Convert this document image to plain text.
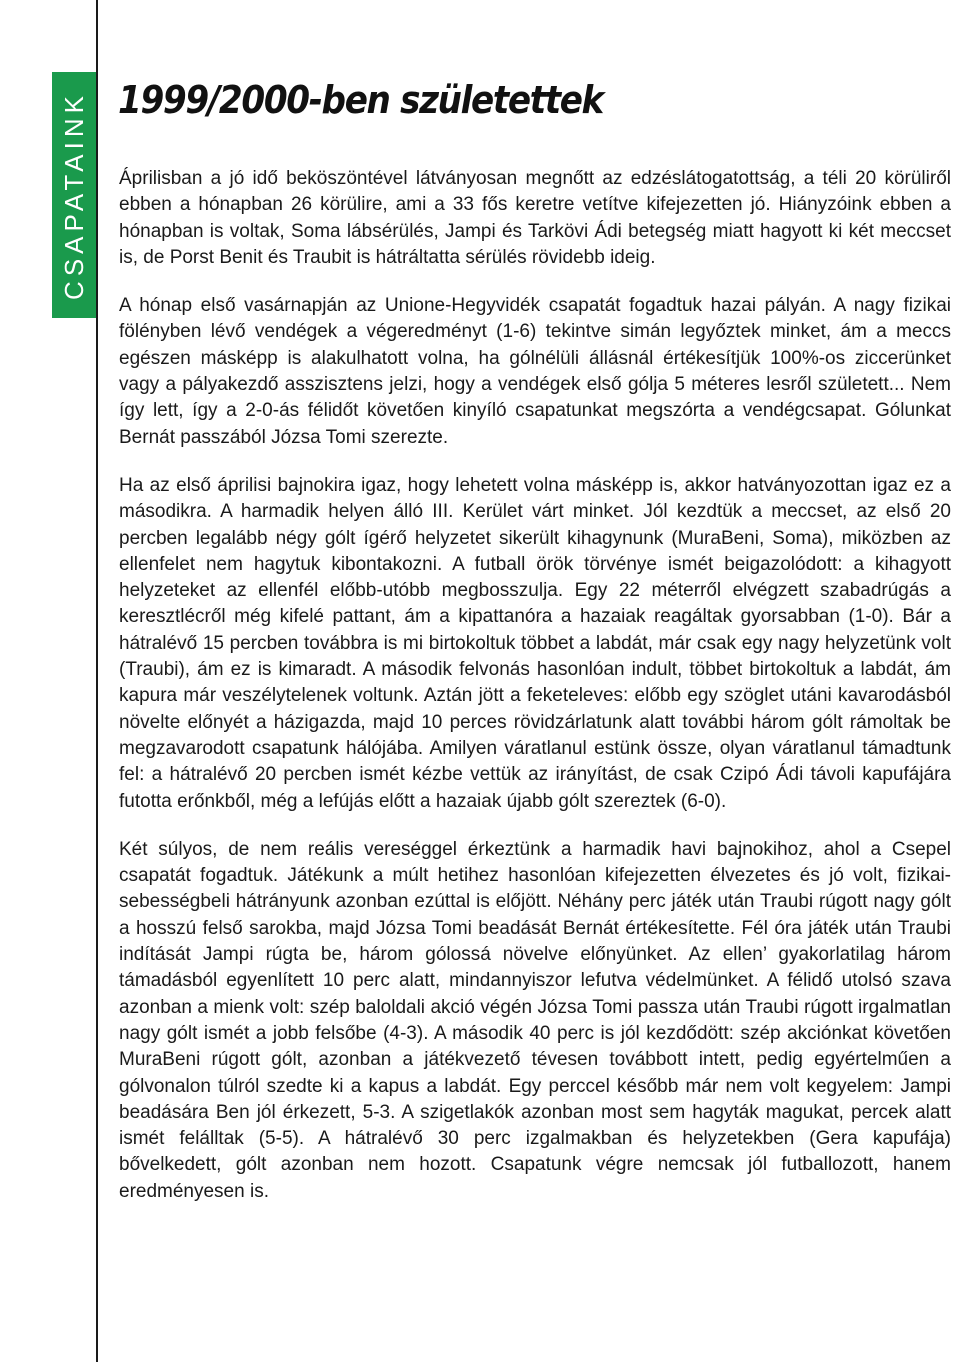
CSAPATAINK 1999/2000-ben születettek

Áprilisban a jó idő beköszöntével látványosan megnőtt az edzéslátogatottság, a téli 20 körüliről ebben a hónapban 26 körülire, ami a 33 fős keretre vetítve kifejezetten jó. Hiányzóink ebben a hónapban is voltak, Soma lábsérülés, Jampi és Tarkövi Ádi betegség miatt hagyott ki két meccset is, de Porst Benit és Traubit is hátráltatta sérülés rövidebb ideig.

A hónap első vasárnapján az Unione-Hegyvidék csapatát fogadtuk hazai pályán. A nagy fizikai fölényben lévő vendégek a végeredményt (1-6) tekintve simán legyőztek minket, ám a meccs egészen másképp is alakulhatott volna, ha gólnélüli állásnál értékesítjük 100%-os ziccerünket vagy a pályakezdő asszisztens jelzi, hogy a vendégek első gólja 5 méteres lesről született... Nem így lett, így a 2-0-ás félidőt követően kinyíló csapatunkat megszórta a vendégcsapat. Gólunkat Bernát passzából Józsa Tomi szerezte.

Ha az első áprilisi bajnokira igaz, hogy lehetett volna másképp is, akkor hatványozottan igaz ez a másodikra. A harmadik helyen álló III. Kerület várt minket. Jól kezdtük a meccset, az első 20 percben legalább négy gólt ígérő helyzetet sikerült kihagynunk (MuraBeni, Soma), miközben az ellenfelet nem hagytuk kibontakozni. A futball örök törvénye ismét beigazolódott: a kihagyott helyzeteket az ellenfél előbb-utóbb megbosszulja. Egy 22 méterről elvégzett szabadrúgás a keresztlécről még kifelé pattant, ám a kipattanóra a hazaiak reagáltak gyorsabban (1-0). Bár a hátralévő 15 percben továbbra is mi birtokoltuk többet a labdát, már csak egy nagy helyzetünk volt (Traubi), ám ez is kimaradt. A második felvonás hasonlóan indult, többet birtokoltuk a labdát, ám kapura már veszélytelenek voltunk. Aztán jött a feketeleves: előbb egy szöglet utáni kavarodásból növelte előnyét a házigazda, majd 10 perces rövidzárlatunk alatt további három gólt rámoltak be megzavarodott csapatunk hálójába. Amilyen váratlanul estünk össze, olyan váratlanul támadtunk fel: a hátralévő 20 percben ismét kézbe vettük az irányítást, de csak Czipó Ádi távoli kapufájára futotta erőnkből, még a lefújás előtt a hazaiak újabb gólt szereztek (6-0).

Két súlyos, de nem reális vereséggel érkeztünk a harmadik havi bajnokihoz, ahol a Csepel csapatát fogadtuk. Játékunk a múlt hetihez hasonlóan kifejezetten élvezetes és jó volt, fizikai-sebességbeli hátrányunk azonban ezúttal is előjött. Néhány perc játék után Traubi rúgott nagy gólt a hosszú felső sarokba, majd Józsa Tomi beadását Bernát értékesítette. Fél óra játék után Traubi indítását Jampi rúgta be, három gólossá növelve előnyünket. Az ellen’ gyakorlatilag három támadásból egyenlített 10 perc alatt, mindannyiszor lefutva védelmünket. A félidő utolsó szava azonban a mienk volt: szép baloldali akció végén Józsa Tomi passza után Traubi rúgott irgalmatlan nagy gólt ismét a jobb felsőbe (4-3). A második 40 perc is jól kezdődött: szép akciónkat követően MuraBeni rúgott gólt, azonban a játékvezető tévesen továbbott intett, pedig egyértelműen a gólvonalon túlról szedte ki a kapus a labdát. Egy perccel később már nem volt kegyelem: Jampi beadására Ben jól érkezett, 5-3. A szigetlakók azonban most sem hagyták magukat, percek alatt ismét felálltak (5-5). A hátralévő 30 perc izgalmakban és helyzetekben (Gera kapufája) bővelkedett, gólt azonban nem hozott. Csapatunk végre nemcsak jól futballozott, hanem eredményesen is.
